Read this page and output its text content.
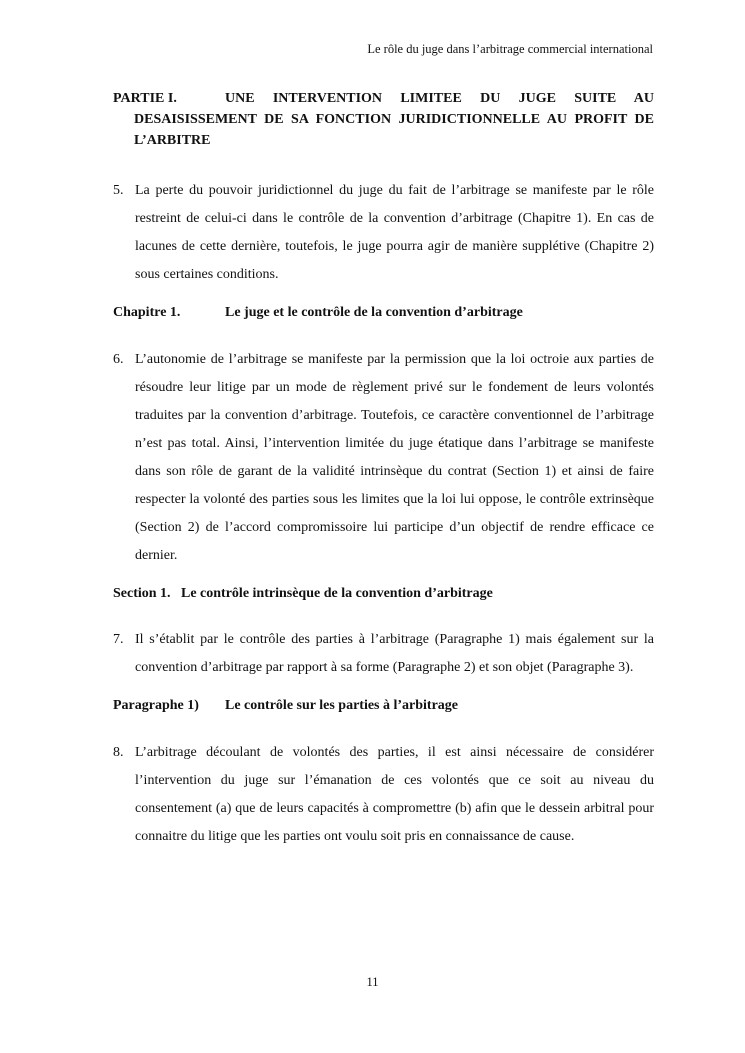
Le rôle du juge dans l’arbitrage commercial international

PARTIE I.	UNE INTERVENTION LIMITEE DU JUGE SUITE AU DESAISISSEMENT DE SA FONCTION JURIDICTIONNELLE AU PROFIT DE L’ARBITRE

5. La perte du pouvoir juridictionnel du juge du fait de l’arbitrage se manifeste par le rôle restreint de celui-ci dans le contrôle de la convention d’arbitrage (Chapitre 1). En cas de lacunes de cette dernière, toutefois, le juge pourra agir de manière supplétive (Chapitre 2) sous certaines conditions.
Chapitre 1.	Le juge et le contrôle de la convention d’arbitrage
6. L’autonomie de l’arbitrage se manifeste par la permission que la loi octroie aux parties de résoudre leur litige par un mode de règlement privé sur le fondement de leurs volontés traduites par la convention d’arbitrage. Toutefois, ce caractère conventionnel de l’arbitrage n’est pas total. Ainsi, l’intervention limitée du juge étatique dans l’arbitrage se manifeste dans son rôle de garant de la validité intrinsèque du contrat (Section 1) et ainsi de faire respecter la volonté des parties sous les limites que la loi lui oppose, le contrôle extrinsèque (Section 2) de l’accord compromissoire lui participe d’un objectif de rendre efficace ce dernier.
Section 1. Le contrôle intrinsèque de la convention d’arbitrage
7. Il s’établit par le contrôle des parties à l’arbitrage (Paragraphe 1) mais également sur la convention d’arbitrage par rapport à sa forme (Paragraphe 2) et son objet (Paragraphe 3).
Paragraphe 1)	Le contrôle sur les parties à l’arbitrage
8. L’arbitrage découlant de volontés des parties, il est ainsi nécessaire de considérer l’intervention du juge sur l’émanation de ces volontés que ce soit au niveau du consentement (a) que de leurs capacités à compromettre (b) afin que le dessein arbitral pour connaitre du litige que les parties ont voulu soit pris en connaissance de cause.
11
